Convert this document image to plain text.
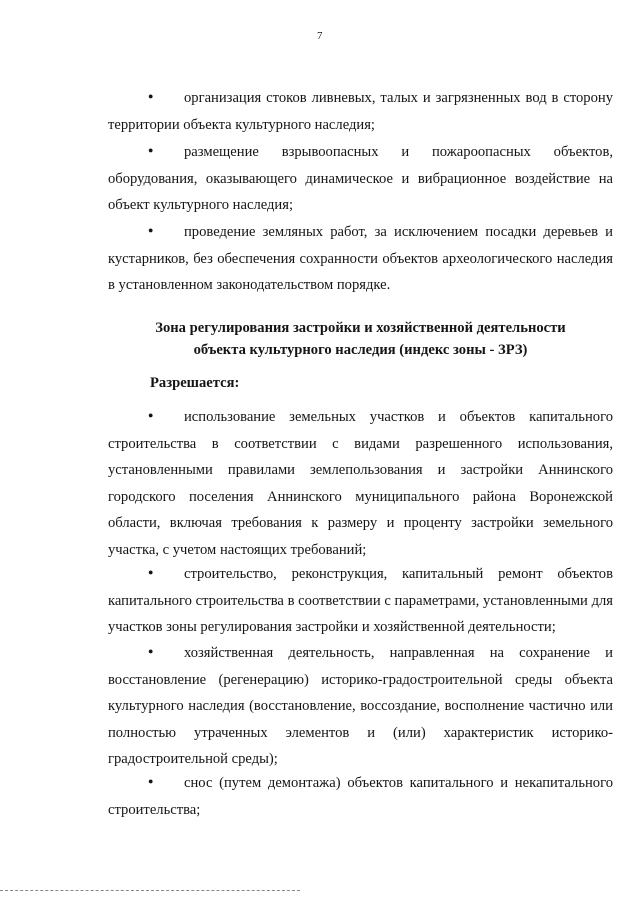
7
●	организация стоков ливневых, талых и загрязненных вод в сторону территории объекта культурного наследия;
●	размещение взрывоопасных и пожароопасных объектов, оборудования, оказывающего динамическое и вибрационное воздействие на объект культурного наследия;
●	проведение земляных работ, за исключением посадки деревьев и кустарников, без обеспечения сохранности объектов археологического наследия в установленном законодательством порядке.
Зона регулирования застройки и хозяйственной деятельности
объекта культурного наследия (индекс зоны - ЗРЗ)
Разрешается:
●	использование земельных участков и объектов капитального строительства в соответствии с видами разрешенного использования, установленными правилами землепользования и застройки Аннинского городского поселения Аннинского муниципального района Воронежской области, включая требования к размеру и проценту застройки земельного участка, с учетом настоящих требований;
●	строительство, реконструкция, капитальный ремонт объектов капитального строительства в соответствии с параметрами, установленными для участков зоны регулирования застройки и хозяйственной деятельности;
●	хозяйственная деятельность, направленная на сохранение и восстановление (регенерацию) историко-градостроительной среды объекта культурного наследия (восстановление, воссоздание, восполнение частично или полностью утраченных элементов и (или) характеристик историко-градостроительной среды);
●	снос (путем демонтажа) объектов капитального и некапитального строительства;
